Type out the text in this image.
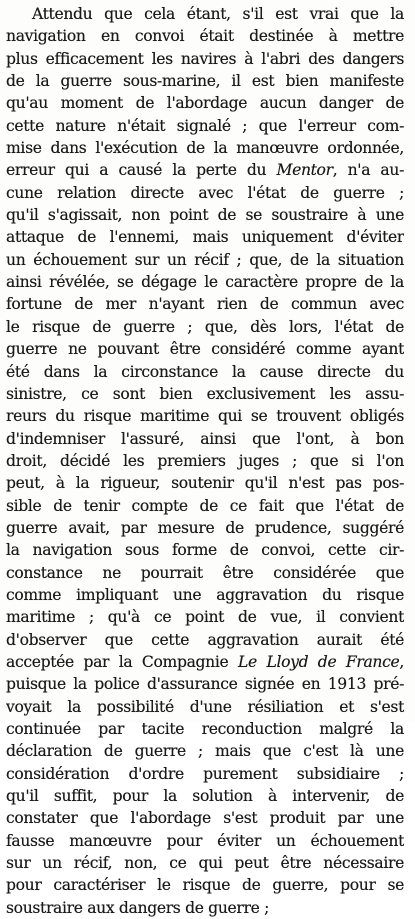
Attendu que cela étant, s'il est vrai que la
navigation en convoi était destinée à mettre
plus efficacement les navires à l'abri des dangers
de la guerre sous-marine, il est bien manifeste
qu'au moment de l'abordage aucun danger de
cette nature n'était signalé ; que l'erreur com-
mise dans l'exécution de la manœuvre ordonnée,
erreur qui a causé la perte du Mentor, n'a au-
cune relation directe avec l'état de guerre ;
qu'il s'agissait, non point de se soustraire à une
attaque de l'ennemi, mais uniquement d'éviter
un échouement sur un récif ; que, de la situation
ainsi révélée, se dégage le caractère propre de la
fortune de mer n'ayant rien de commun avec
le risque de guerre ; que, dès lors, l'état de
guerre ne pouvant être considéré comme ayant
été dans la circonstance la cause directe du
sinistre, ce sont bien exclusivement les assu-
reurs du risque maritime qui se trouvent obligés
d'indemniser l'assuré, ainsi que l'ont, à bon
droit, décidé les premiers juges ; que si l'on
peut, à la rigueur, soutenir qu'il n'est pas pos-
sible de tenir compte de ce fait que l'état de
guerre avait, par mesure de prudence, suggéré
la navigation sous forme de convoi, cette cir-
constance ne pourrait être considérée que
comme impliquant une aggravation du risque
maritime ; qu'à ce point de vue, il convient
d'observer que cette aggravation aurait été
acceptée par la Compagnie Le Lloyd de France,
puisque la police d'assurance signée en 1913 pré-
voyait la possibilité d'une résiliation et s'est
continuée par tacite reconduction malgré la
déclaration de guerre ; mais que c'est là une
considération d'ordre purement subsidiaire ;
qu'il suffit, pour la solution à intervenir, de
constater que l'abordage s'est produit par une
fausse manœuvre pour éviter un échouement
sur un récif, non, ce qui peut être nécessaire
pour caractériser le risque de guerre, pour se
soustraire aux dangers de guerre ;
